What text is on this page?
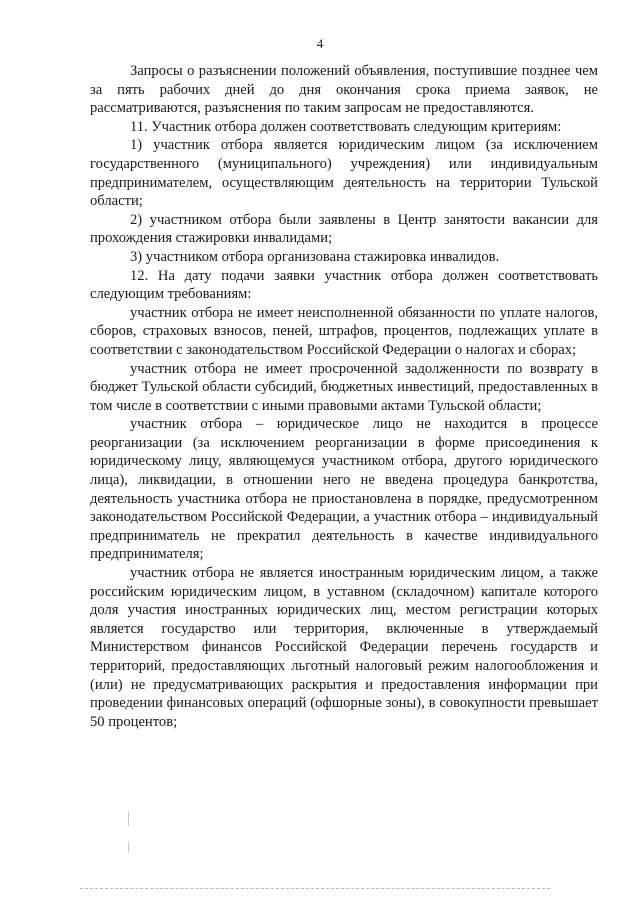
4

Запросы о разъяснении положений объявления, поступившие позднее чем за пять рабочих дней до дня окончания срока приема заявок, не рассматриваются, разъяснения по таким запросам не предоставляются.

11. Участник отбора должен соответствовать следующим критериям:

1) участник отбора является юридическим лицом (за исключением государственного (муниципального) учреждения) или индивидуальным предпринимателем, осуществляющим деятельность на территории Тульской области;

2) участником отбора были заявлены в Центр занятости вакансии для прохождения стажировки инвалидами;

3) участником отбора организована стажировка инвалидов.

12. На дату подачи заявки участник отбора должен соответствовать следующим требованиям:

участник отбора не имеет неисполненной обязанности по уплате налогов, сборов, страховых взносов, пеней, штрафов, процентов, подлежащих уплате в соответствии с законодательством Российской Федерации о налогах и сборах;

участник отбора не имеет просроченной задолженности по возврату в бюджет Тульской области субсидий, бюджетных инвестиций, предоставленных в том числе в соответствии с иными правовыми актами Тульской области;

участник отбора – юридическое лицо не находится в процессе реорганизации (за исключением реорганизации в форме присоединения к юридическому лицу, являющемуся участником отбора, другого юридического лица), ликвидации, в отношении него не введена процедура банкротства, деятельность участника отбора не приостановлена в порядке, предусмотренном законодательством Российской Федерации, а участник отбора – индивидуальный предприниматель не прекратил деятельность в качестве индивидуального предпринимателя;

участник отбора не является иностранным юридическим лицом, а также российским юридическим лицом, в уставном (складочном) капитале которого доля участия иностранных юридических лиц, местом регистрации которых является государство или территория, включенные в утверждаемый Министерством финансов Российской Федерации перечень государств и территорий, предоставляющих льготный налоговый режим налогообложения и (или) не предусматривающих раскрытия и предоставления информации при проведении финансовых операций (офшорные зоны), в совокупности превышает 50 процентов;
